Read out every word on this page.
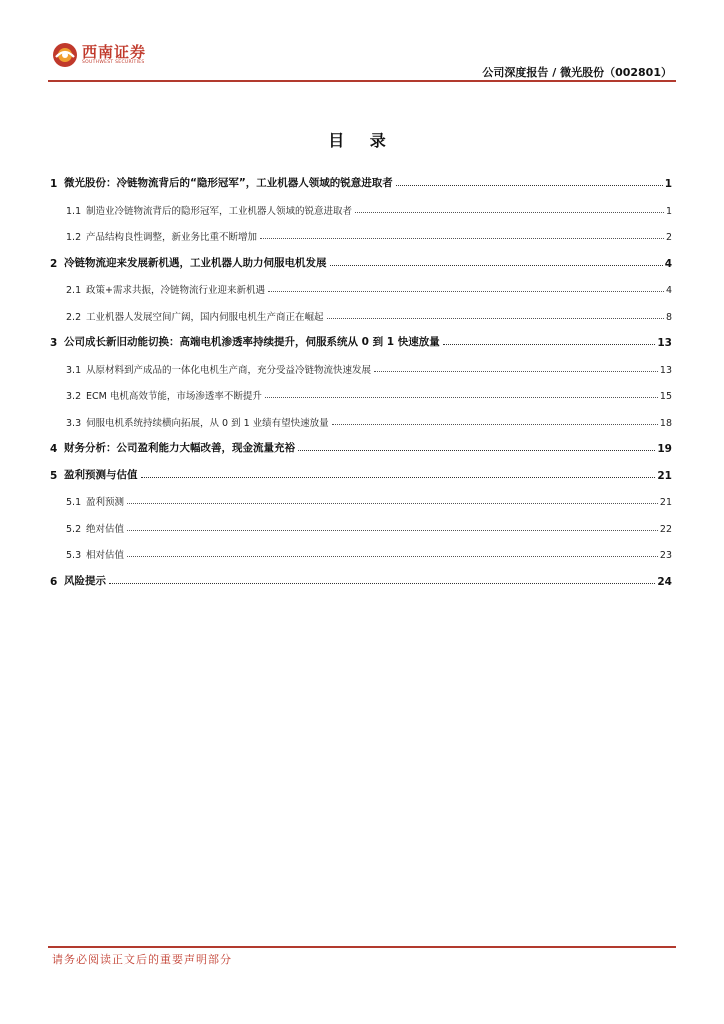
西南证券
SOUTHWEST SECURITIES
公司深度报告 / 微光股份（002801）
目 录
1 微光股份：冷链物流背后的“隐形冠军”，工业机器人领域的锐意进取者	1
1.1 制造业冷链物流背后的隐形冠军，工业机器人领域的锐意进取者	1
1.2 产品结构良性调整，新业务比重不断增加	2
2 冷链物流迎来发展新机遇，工业机器人助力伺服电机发展	4
2.1 政策+需求共振，冷链物流行业迎来新机遇	4
2.2 工业机器人发展空间广阔，国内伺服电机生产商正在崛起	8
3 公司成长新旧动能切换：高端电机渗透率持续提升，伺服系统从 0 到 1 快速放量	13
3.1 从原材料到产成品的一体化电机生产商，充分受益冷链物流快速发展	13
3.2 ECM 电机高效节能，市场渗透率不断提升	15
3.3 伺服电机系统持续横向拓展，从 0 到 1 业绩有望快速放量	18
4 财务分析：公司盈利能力大幅改善，现金流量充裕	19
5 盈利预测与估值	21
5.1 盈利预测	21
5.2 绝对估值	22
5.3 相对估值	23
6 风险提示	24
请务必阅读正文后的重要声明部分
